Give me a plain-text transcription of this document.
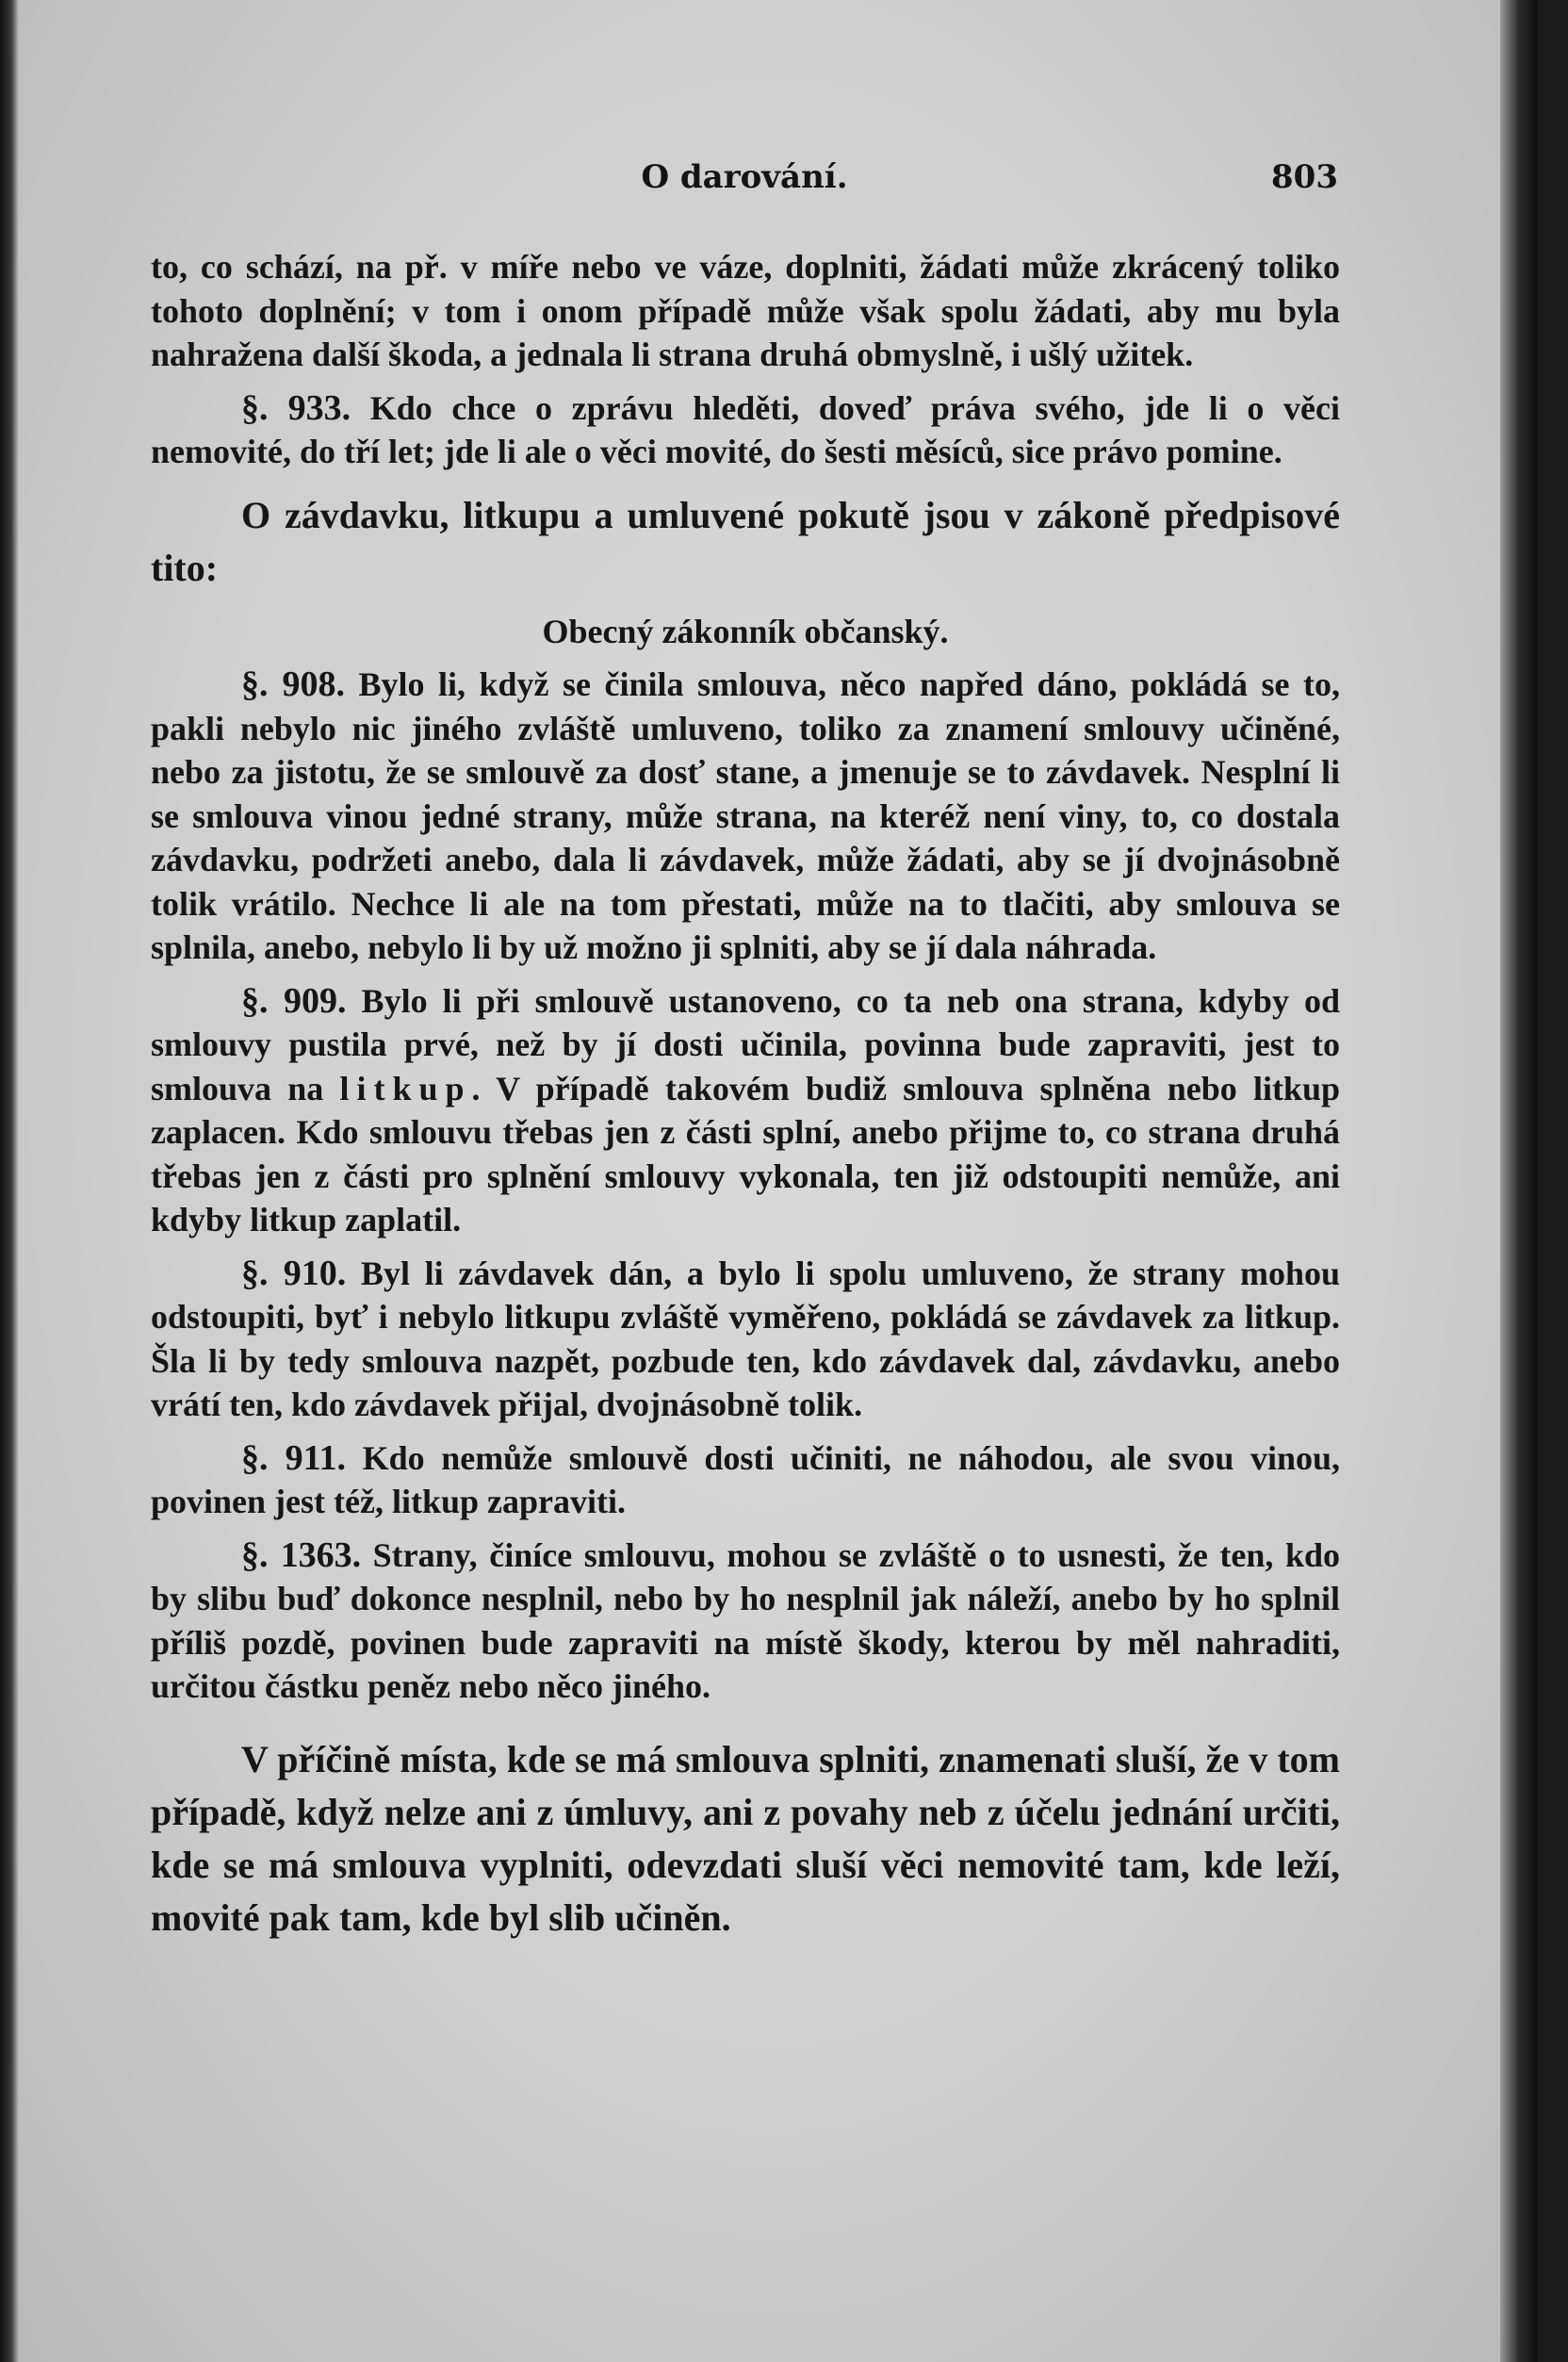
O darování.	803

to, co schází, na př. v míře nebo ve váze, doplniti, žádati může zkrácený toliko tohoto doplnění; v tom i onom případě může však spolu žádati, aby mu byla nahražena další škoda, a jednala li strana druhá obmyslně, i ušlý užitek.

§. 933. Kdo chce o zprávu hleděti, doveď práva svého, jde li o věci nemovité, do tří let; jde li ale o věci movité, do šesti měsíců, sice právo pomine.

O závdavku, litkupu a umluvené pokutě jsou v zákoně předpisové tito:

Obecný zákonník občanský.

§. 908. Bylo li, když se činila smlouva, něco napřed dáno, pokládá se to, pakli nebylo nic jiného zvláště umluveno, toliko za znamení smlouvy učiněné, nebo za jistotu, že se smlouvě za dosť stane, a jmenuje se to závdavek. Nesplní li se smlouva vinou jedné strany, může strana, na kteréž není viny, to, co dostala závdavku, podržeti anebo, dala li závdavek, může žádati, aby se jí dvojnásobně tolik vrátilo. Nechce li ale na tom přestati, může na to tlačiti, aby smlouva se splnila, anebo, nebylo li by už možno ji splniti, aby se jí dala náhrada.

§. 909. Bylo li při smlouvě ustanoveno, co ta neb ona strana, kdyby od smlouvy pustila prvé, než by jí dosti učinila, povinna bude zapraviti, jest to smlouva na litkup. V případě takovém budiž smlouva splněna nebo litkup zaplacen. Kdo smlouvu třebas jen z části splní, anebo přijme to, co strana druhá třebas jen z části pro splnění smlouvy vykonala, ten již odstoupiti nemůže, ani kdyby litkup zaplatil.

§. 910. Byl li závdavek dán, a bylo li spolu umluveno, že strany mohou odstoupiti, byť i nebylo litkupu zvláště vyměřeno, pokládá se závdavek za litkup. Šla li by tedy smlouva nazpět, pozbude ten, kdo závdavek dal, závdavku, anebo vrátí ten, kdo závdavek přijal, dvojnásobně tolik.

§. 911. Kdo nemůže smlouvě dosti učiniti, ne náhodou, ale svou vinou, povinen jest též, litkup zapraviti.

§. 1363. Strany, činíce smlouvu, mohou se zvláště o to usnesti, že ten, kdo by slibu buď dokonce nesplnil, nebo by ho nesplnil jak náleží, anebo by ho splnil příliš pozdě, povinen bude zapraviti na místě škody, kterou by měl nahraditi, určitou částku peněz nebo něco jiného.

V příčině místa, kde se má smlouva splniti, znamenati sluší, že v tom případě, když nelze ani z úmluvy, ani z povahy neb z účelu jednání určiti, kde se má smlouva vyplniti, odevzdati sluší věci nemovité tam, kde leží, movité pak tam, kde byl slib učiněn.
